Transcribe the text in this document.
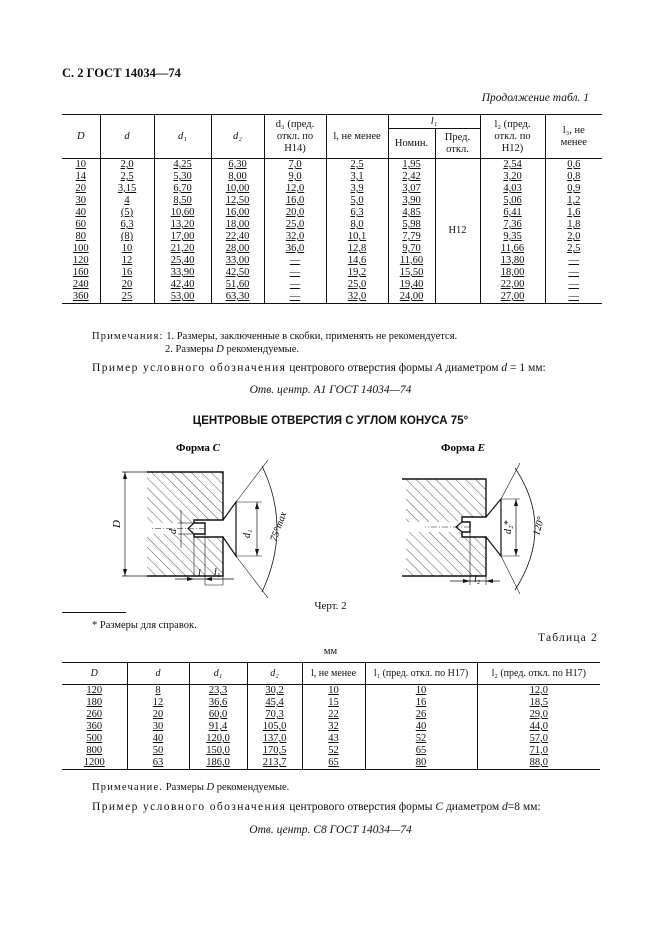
С. 2 ГОСТ 14034—74
Продолжение табл. 1
D	d	d₁	d₂	d₃ (пред. откл. по H14)	l, не менее	l₁		l₂ (пред. откл. по H12)	l₃, не менее
						Номин.	Пред. откл.		
10	2,0	4,25	6,30	7,0	2,5	1,95	H12	2,54	0,6
14	2,5	5,30	8,00	9,0	3,1	2,42		3,20	0,8
20	3,15	6,70	10,00	12,0	3,9	3,07		4,03	0,9
30	4	8,50	12,50	16,0	5,0	3,90		5,06	1,2
40	(5)	10,60	16,00	20,0	6,3	4,85		6,41	1,6
60	6,3	13,20	18,00	25,0	8,0	5,98		7,36	1,8
80	(8)	17,00	22,40	32,0	10,1	7,79		9,35	2,0
100	10	21,20	28,00	36,0	12,8	9,70		11,66	2,5
120	12	25,40	33,00	—	14,6	11,60		13,80	—
160	16	33,90	42,50	—	19,2	15,50		18,00	—
240	20	42,40	51,60	—	25,0	19,40		22,00	—
360	25	53,00	63,30	—	32,0	24,00		27,00	—
Примечания: 1. Размеры, заключенные в скобки, применять не рекомендуется.
2. Размеры D рекомендуемые.
Пример условного обозначения центрового отверстия формы A диаметром d = 1 мм:
Отв. центр. A1 ГОСТ 14034—74
ЦЕНТРОВЫЕ ОТВЕРСТИЯ С УГЛОМ КОНУСА 75°
Форма C
D
d	d₁ 75°max
l l₁
Форма E
d₂* 120°
l₂
Черт. 2
* Размеры для справок.
Таблица 2
мм
D	d	d₁	d₂	l, не менее	l₁ (пред. откл. по H17)	l₂ (пред. откл. по H17)
120	8	23,3	30,2	10	10	12,0
180	12	36,6	45,4	15	16	18,5
260	20	60,0	70,3	22	26	29,0
360	30	91,4	105,0	32	40	44,0
500	40	120,0	137,0	43	52	57,0
800	50	150,0	170,5	52	65	71,0
1200	63	186,0	213,7	65	80	88,0
Примечание. Размеры D рекомендуемые.
Пример условного обозначения центрового отверстия формы C диаметром d=8 мм:
Отв. центр. С8 ГОСТ 14034—74
